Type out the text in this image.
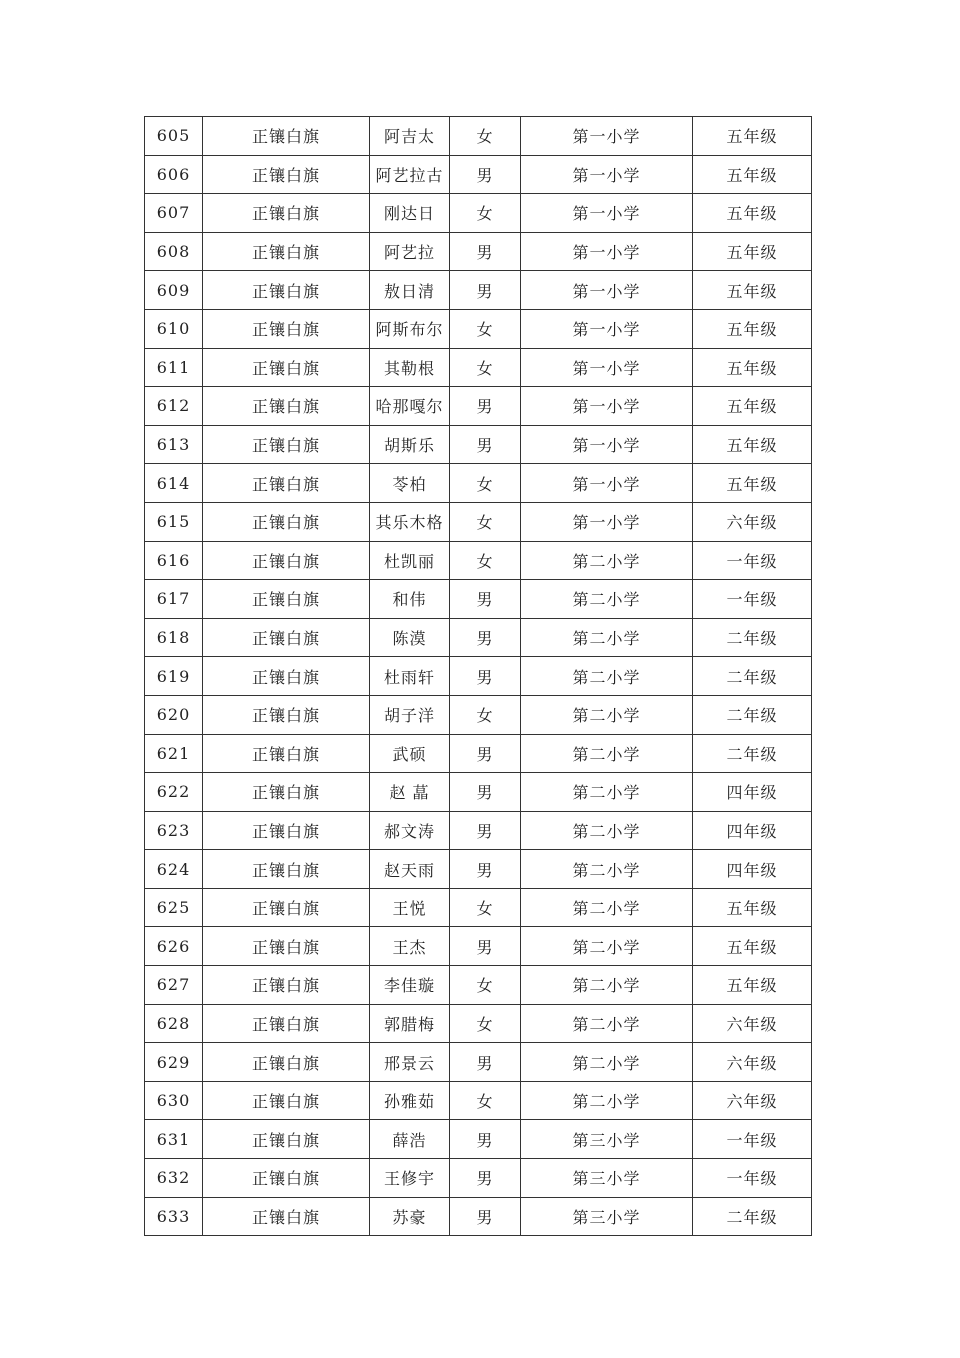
605	正镶白旗	阿吉太	女	第一小学	五年级
606	正镶白旗	阿艺拉古	男	第一小学	五年级
607	正镶白旗	刚达日	女	第一小学	五年级
608	正镶白旗	阿艺拉	男	第一小学	五年级
609	正镶白旗	敖日清	男	第一小学	五年级
610	正镶白旗	阿斯布尔	女	第一小学	五年级
611	正镶白旗	其勒根	女	第一小学	五年级
612	正镶白旗	哈那嘎尔	男	第一小学	五年级
613	正镶白旗	胡斯乐	男	第一小学	五年级
614	正镶白旗	苓柏	女	第一小学	五年级
615	正镶白旗	其乐木格	女	第一小学	六年级
616	正镶白旗	杜凯丽	女	第二小学	一年级
617	正镶白旗	和伟	男	第二小学	一年级
618	正镶白旗	陈漠	男	第二小学	二年级
619	正镶白旗	杜雨轩	男	第二小学	二年级
620	正镶白旗	胡子洋	女	第二小学	二年级
621	正镶白旗	武硕	男	第二小学	二年级
622	正镶白旗	赵 蕌	男	第二小学	四年级
623	正镶白旗	郝文涛	男	第二小学	四年级
624	正镶白旗	赵天雨	男	第二小学	四年级
625	正镶白旗	王悦	女	第二小学	五年级
626	正镶白旗	王杰	男	第二小学	五年级
627	正镶白旗	李佳璇	女	第二小学	五年级
628	正镶白旗	郭腊梅	女	第二小学	六年级
629	正镶白旗	邢景云	男	第二小学	六年级
630	正镶白旗	孙雅茹	女	第二小学	六年级
631	正镶白旗	薛浩	男	第三小学	一年级
632	正镶白旗	王修宇	男	第三小学	一年级
633	正镶白旗	苏豪	男	第三小学	二年级
